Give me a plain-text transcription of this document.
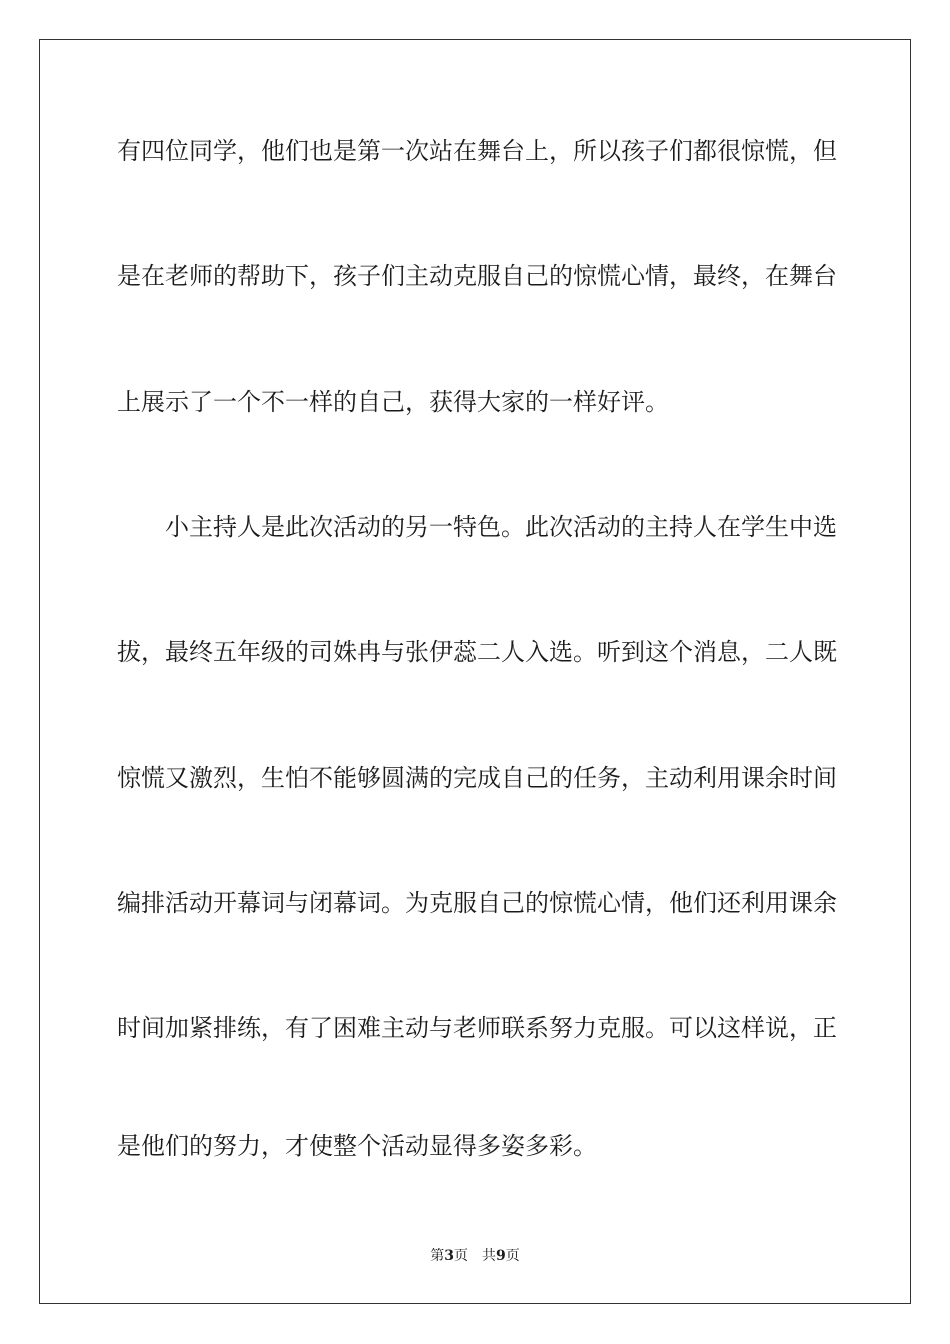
有四位同学，他们也是第一次站在舞台上，所以孩子们都很惊慌，但
是在老师的帮助下，孩子们主动克服自己的惊慌心情，最终，在舞台
上展示了一个不一样的自己，获得大家的一样好评。
小主持人是此次活动的另一特色。此次活动的主持人在学生中选
拔，最终五年级的司姝冉与张伊蕊二人入选。听到这个消息，二人既
惊慌又激烈，生怕不能够圆满的完成自己的任务，主动利用课余时间
编排活动开幕词与闭幕词。为克服自己的惊慌心情，他们还利用课余
时间加紧排练，有了困难主动与老师联系努力克服。可以这样说，正
是他们的努力，才使整个活动显得多姿多彩。
第3页 共9页
